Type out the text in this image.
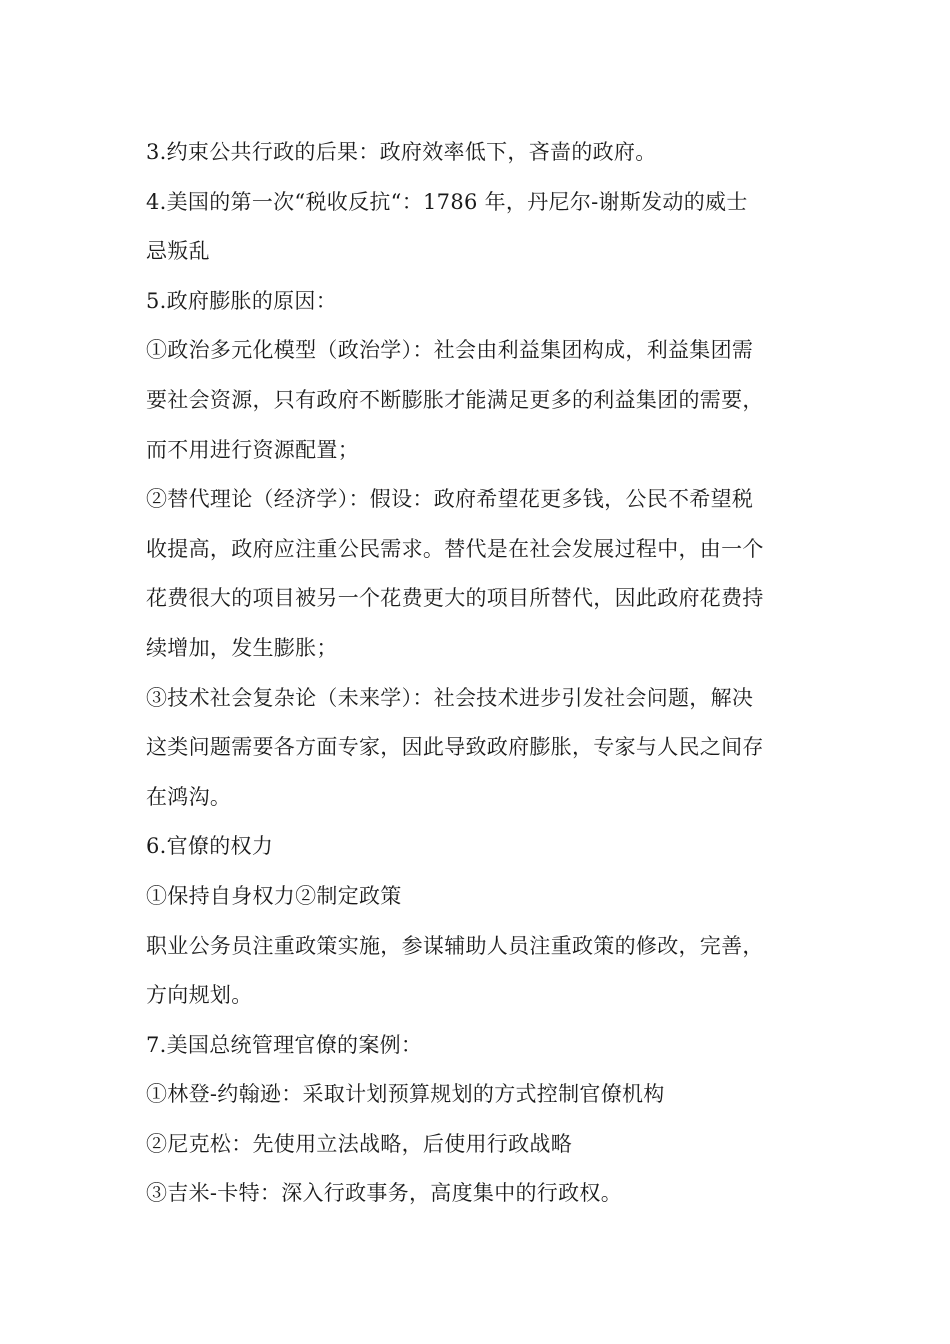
3.约束公共行政的后果：政府效率低下，吝啬的政府。
4.美国的第一次“税收反抗“：1786 年，丹尼尔-谢斯发动的威士
忌叛乱
5.政府膨胀的原因：
①政治多元化模型（政治学）：社会由利益集团构成，利益集团需
要社会资源，只有政府不断膨胀才能满足更多的利益集团的需要，
而不用进行资源配置；
②替代理论（经济学）：假设：政府希望花更多钱，公民不希望税
收提高，政府应注重公民需求。替代是在社会发展过程中，由一个
花费很大的项目被另一个花费更大的项目所替代，因此政府花费持
续增加，发生膨胀；
③技术社会复杂论（未来学）：社会技术进步引发社会问题，解决
这类问题需要各方面专家，因此导致政府膨胀，专家与人民之间存
在鸿沟。
6.官僚的权力
①保持自身权力②制定政策
职业公务员注重政策实施，参谋辅助人员注重政策的修改，完善，
方向规划。
7.美国总统管理官僚的案例：
①林登-约翰逊：采取计划预算规划的方式控制官僚机构
②尼克松：先使用立法战略，后使用行政战略
③吉米-卡特：深入行政事务，高度集中的行政权。
